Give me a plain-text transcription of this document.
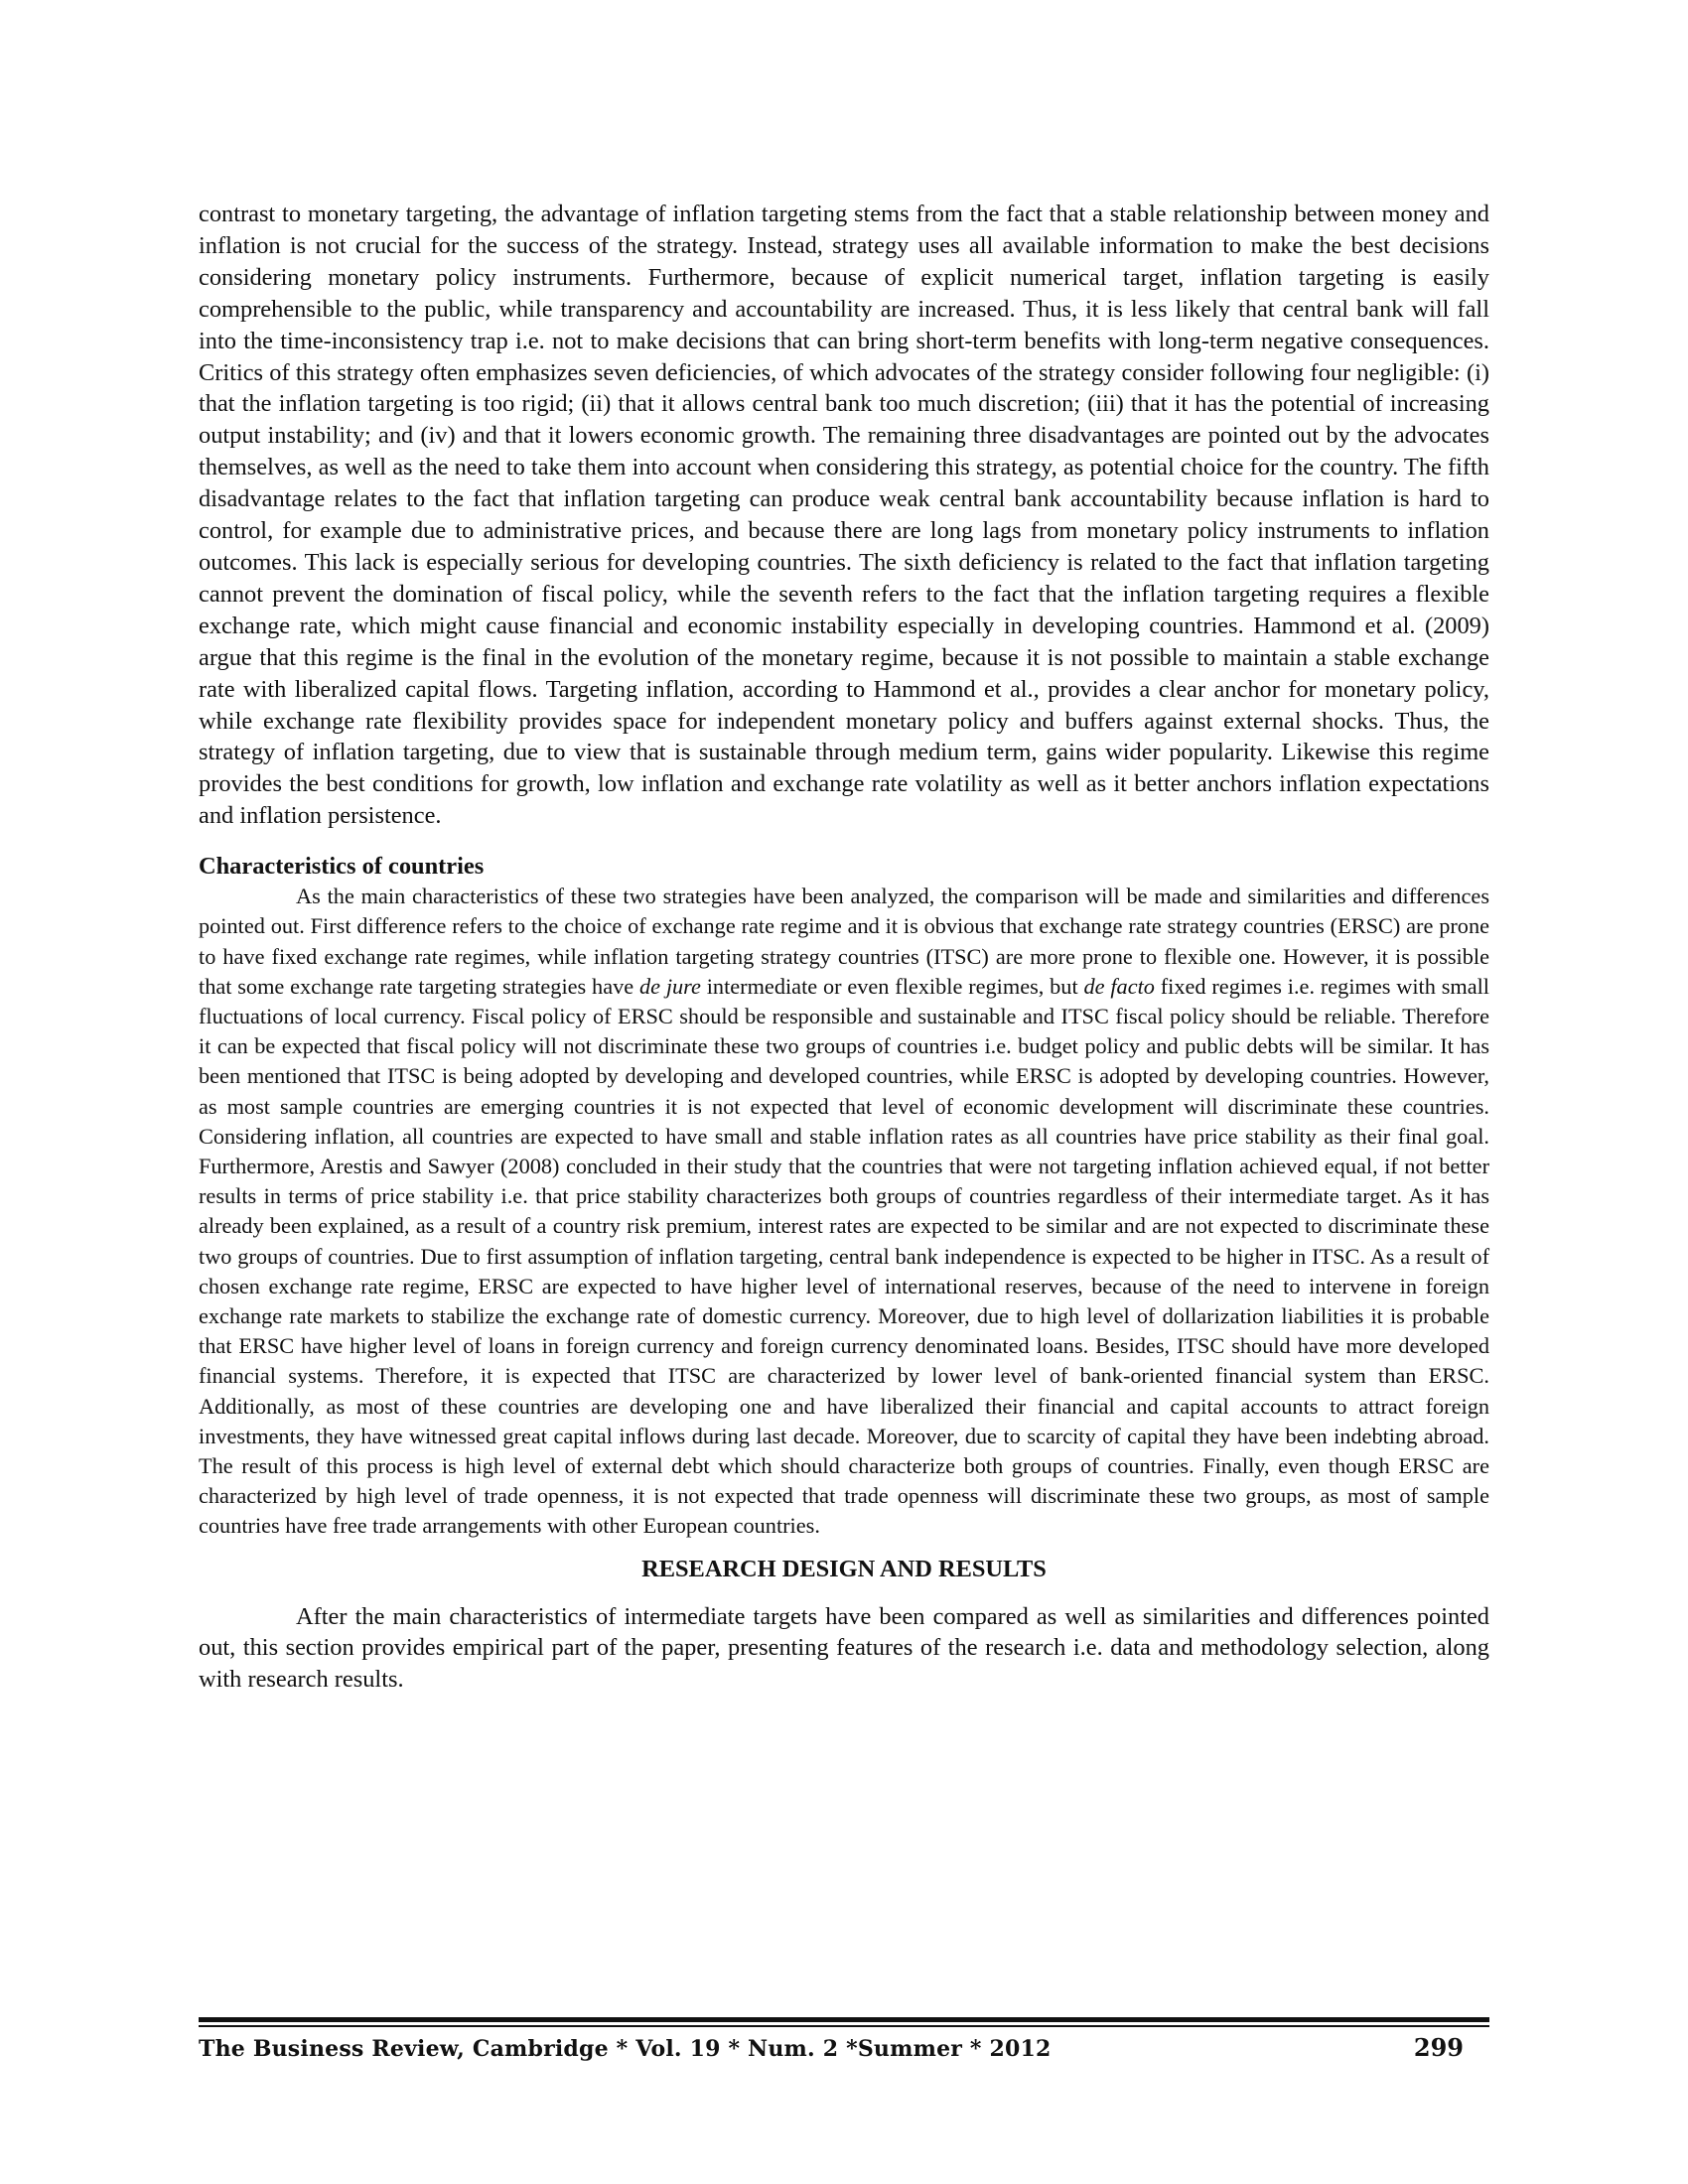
contrast to monetary targeting, the advantage of inflation targeting stems from the fact that a stable relationship between money and inflation is not crucial for the success of the strategy. Instead, strategy uses all available information to make the best decisions considering monetary policy instruments. Furthermore, because of explicit numerical target, inflation targeting is easily comprehensible to the public, while transparency and accountability are increased. Thus, it is less likely that central bank will fall into the time-inconsistency trap i.e. not to make decisions that can bring short-term benefits with long-term negative consequences. Critics of this strategy often emphasizes seven deficiencies, of which advocates of the strategy consider following four negligible: (i) that the inflation targeting is too rigid; (ii) that it allows central bank too much discretion; (iii) that it has the potential of increasing output instability; and (iv) and that it lowers economic growth. The remaining three disadvantages are pointed out by the advocates themselves, as well as the need to take them into account when considering this strategy, as potential choice for the country. The fifth disadvantage relates to the fact that inflation targeting can produce weak central bank accountability because inflation is hard to control, for example due to administrative prices, and because there are long lags from monetary policy instruments to inflation outcomes. This lack is especially serious for developing countries. The sixth deficiency is related to the fact that inflation targeting cannot prevent the domination of fiscal policy, while the seventh refers to the fact that the inflation targeting requires a flexible exchange rate, which might cause financial and economic instability especially in developing countries. Hammond et al. (2009) argue that this regime is the final in the evolution of the monetary regime, because it is not possible to maintain a stable exchange rate with liberalized capital flows. Targeting inflation, according to Hammond et al., provides a clear anchor for monetary policy, while exchange rate flexibility provides space for independent monetary policy and buffers against external shocks. Thus, the strategy of inflation targeting, due to view that is sustainable through medium term, gains wider popularity. Likewise this regime provides the best conditions for growth, low inflation and exchange rate volatility as well as it better anchors inflation expectations and inflation persistence.

Characteristics of countries

As the main characteristics of these two strategies have been analyzed, the comparison will be made and similarities and differences pointed out. First difference refers to the choice of exchange rate regime and it is obvious that exchange rate strategy countries (ERSC) are prone to have fixed exchange rate regimes, while inflation targeting strategy countries (ITSC) are more prone to flexible one. However, it is possible that some exchange rate targeting strategies have de jure intermediate or even flexible regimes, but de facto fixed regimes i.e. regimes with small fluctuations of local currency. Fiscal policy of ERSC should be responsible and sustainable and ITSC fiscal policy should be reliable. Therefore it can be expected that fiscal policy will not discriminate these two groups of countries i.e. budget policy and public debts will be similar. It has been mentioned that ITSC is being adopted by developing and developed countries, while ERSC is adopted by developing countries. However, as most sample countries are emerging countries it is not expected that level of economic development will discriminate these countries. Considering inflation, all countries are expected to have small and stable inflation rates as all countries have price stability as their final goal. Furthermore, Arestis and Sawyer (2008) concluded in their study that the countries that were not targeting inflation achieved equal, if not better results in terms of price stability i.e. that price stability characterizes both groups of countries regardless of their intermediate target. As it has already been explained, as a result of a country risk premium, interest rates are expected to be similar and are not expected to discriminate these two groups of countries. Due to first assumption of inflation targeting, central bank independence is expected to be higher in ITSC. As a result of chosen exchange rate regime, ERSC are expected to have higher level of international reserves, because of the need to intervene in foreign exchange rate markets to stabilize the exchange rate of domestic currency. Moreover, due to high level of dollarization liabilities it is probable that ERSC have higher level of loans in foreign currency and foreign currency denominated loans. Besides, ITSC should have more developed financial systems. Therefore, it is expected that ITSC are characterized by lower level of bank-oriented financial system than ERSC. Additionally, as most of these countries are developing one and have liberalized their financial and capital accounts to attract foreign investments, they have witnessed great capital inflows during last decade. Moreover, due to scarcity of capital they have been indebting abroad. The result of this process is high level of external debt which should characterize both groups of countries. Finally, even though ERSC are characterized by high level of trade openness, it is not expected that trade openness will discriminate these two groups, as most of sample countries have free trade arrangements with other European countries.

RESEARCH DESIGN AND RESULTS

After the main characteristics of intermediate targets have been compared as well as similarities and differences pointed out, this section provides empirical part of the paper, presenting features of the research i.e. data and methodology selection, along with research results.

The Business Review, Cambridge * Vol. 19 * Num. 2 *Summer * 2012	299
